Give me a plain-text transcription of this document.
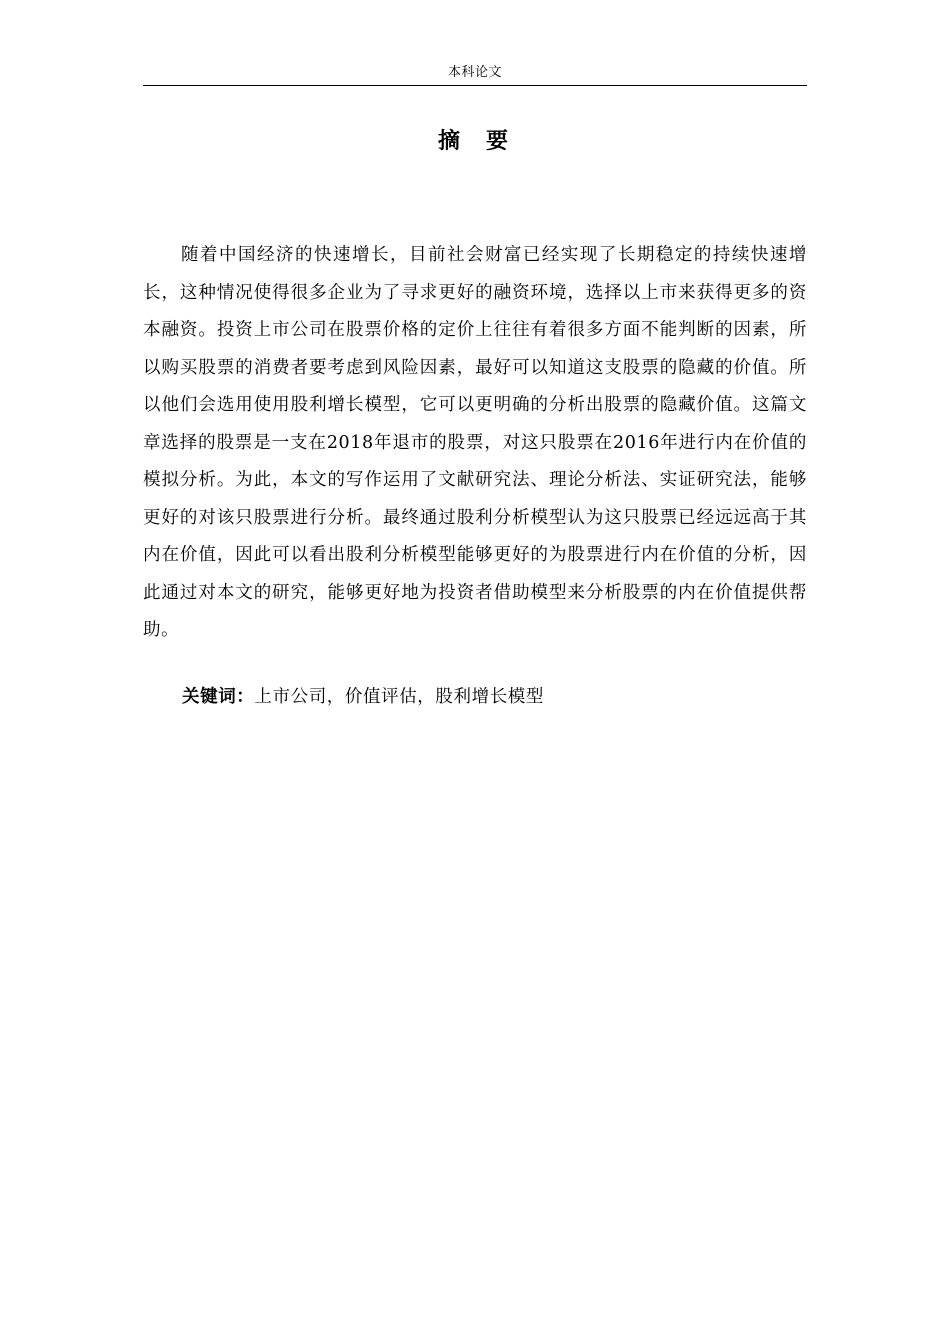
本科论文
摘 要

随着中国经济的快速增长，目前社会财富已经实现了长期稳定的持续快速增长，这种情况使得很多企业为了寻求更好的融资环境，选择以上市来获得更多的资本融资。投资上市公司在股票价格的定价上往往有着很多方面不能判断的因素，所以购买股票的消费者要考虑到风险因素，最好可以知道这支股票的隐藏的价值。所以他们会选用使用股利增长模型，它可以更明确的分析出股票的隐藏价值。这篇文章选择的股票是一支在2018年退市的股票，对这只股票在2016年进行内在价值的模拟分析。为此，本文的写作运用了文献研究法、理论分析法、实证研究法，能够更好的对该只股票进行分析。最终通过股利分析模型认为这只股票已经远远高于其内在价值，因此可以看出股利分析模型能够更好的为股票进行内在价值的分析，因此通过对本文的研究，能够更好地为投资者借助模型来分析股票的内在价值提供帮助。

关键词：上市公司，价值评估，股利增长模型
